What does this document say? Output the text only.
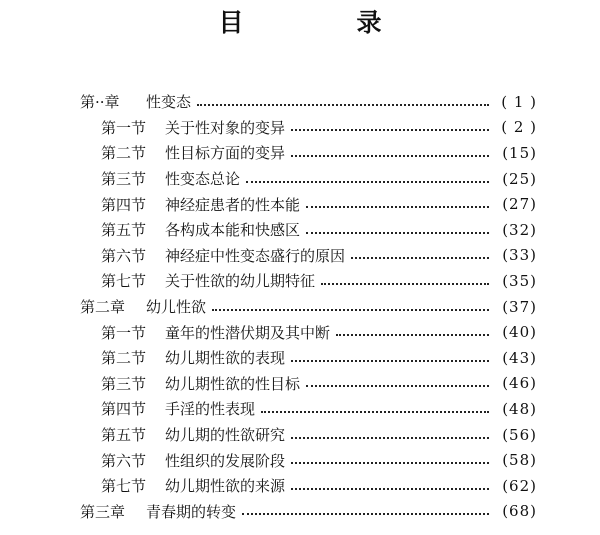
目　录
第··章	性变态	( 1 )
第一节	关于性对象的变异	( 2 )
第二节	性目标方面的变异	(15)
第三节	性变态总论	(25)
第四节	神经症患者的性本能	(27)
第五节	各构成本能和快感区	(32)
第六节	神经症中性变态盛行的原因	(33)
第七节	关于性欲的幼儿期特征	(35)
第二章	幼儿性欲	(37)
第一节	童年的性潜伏期及其中断	(40)
第二节	幼儿期性欲的表现	(43)
第三节	幼儿期性欲的性目标	(46)
第四节	手淫的性表现	(48)
第五节	幼儿期的性欲研究	(56)
第六节	性组织的发展阶段	(58)
第七节	幼儿期性欲的来源	(62)
第三章	青春期的转变	(68)
